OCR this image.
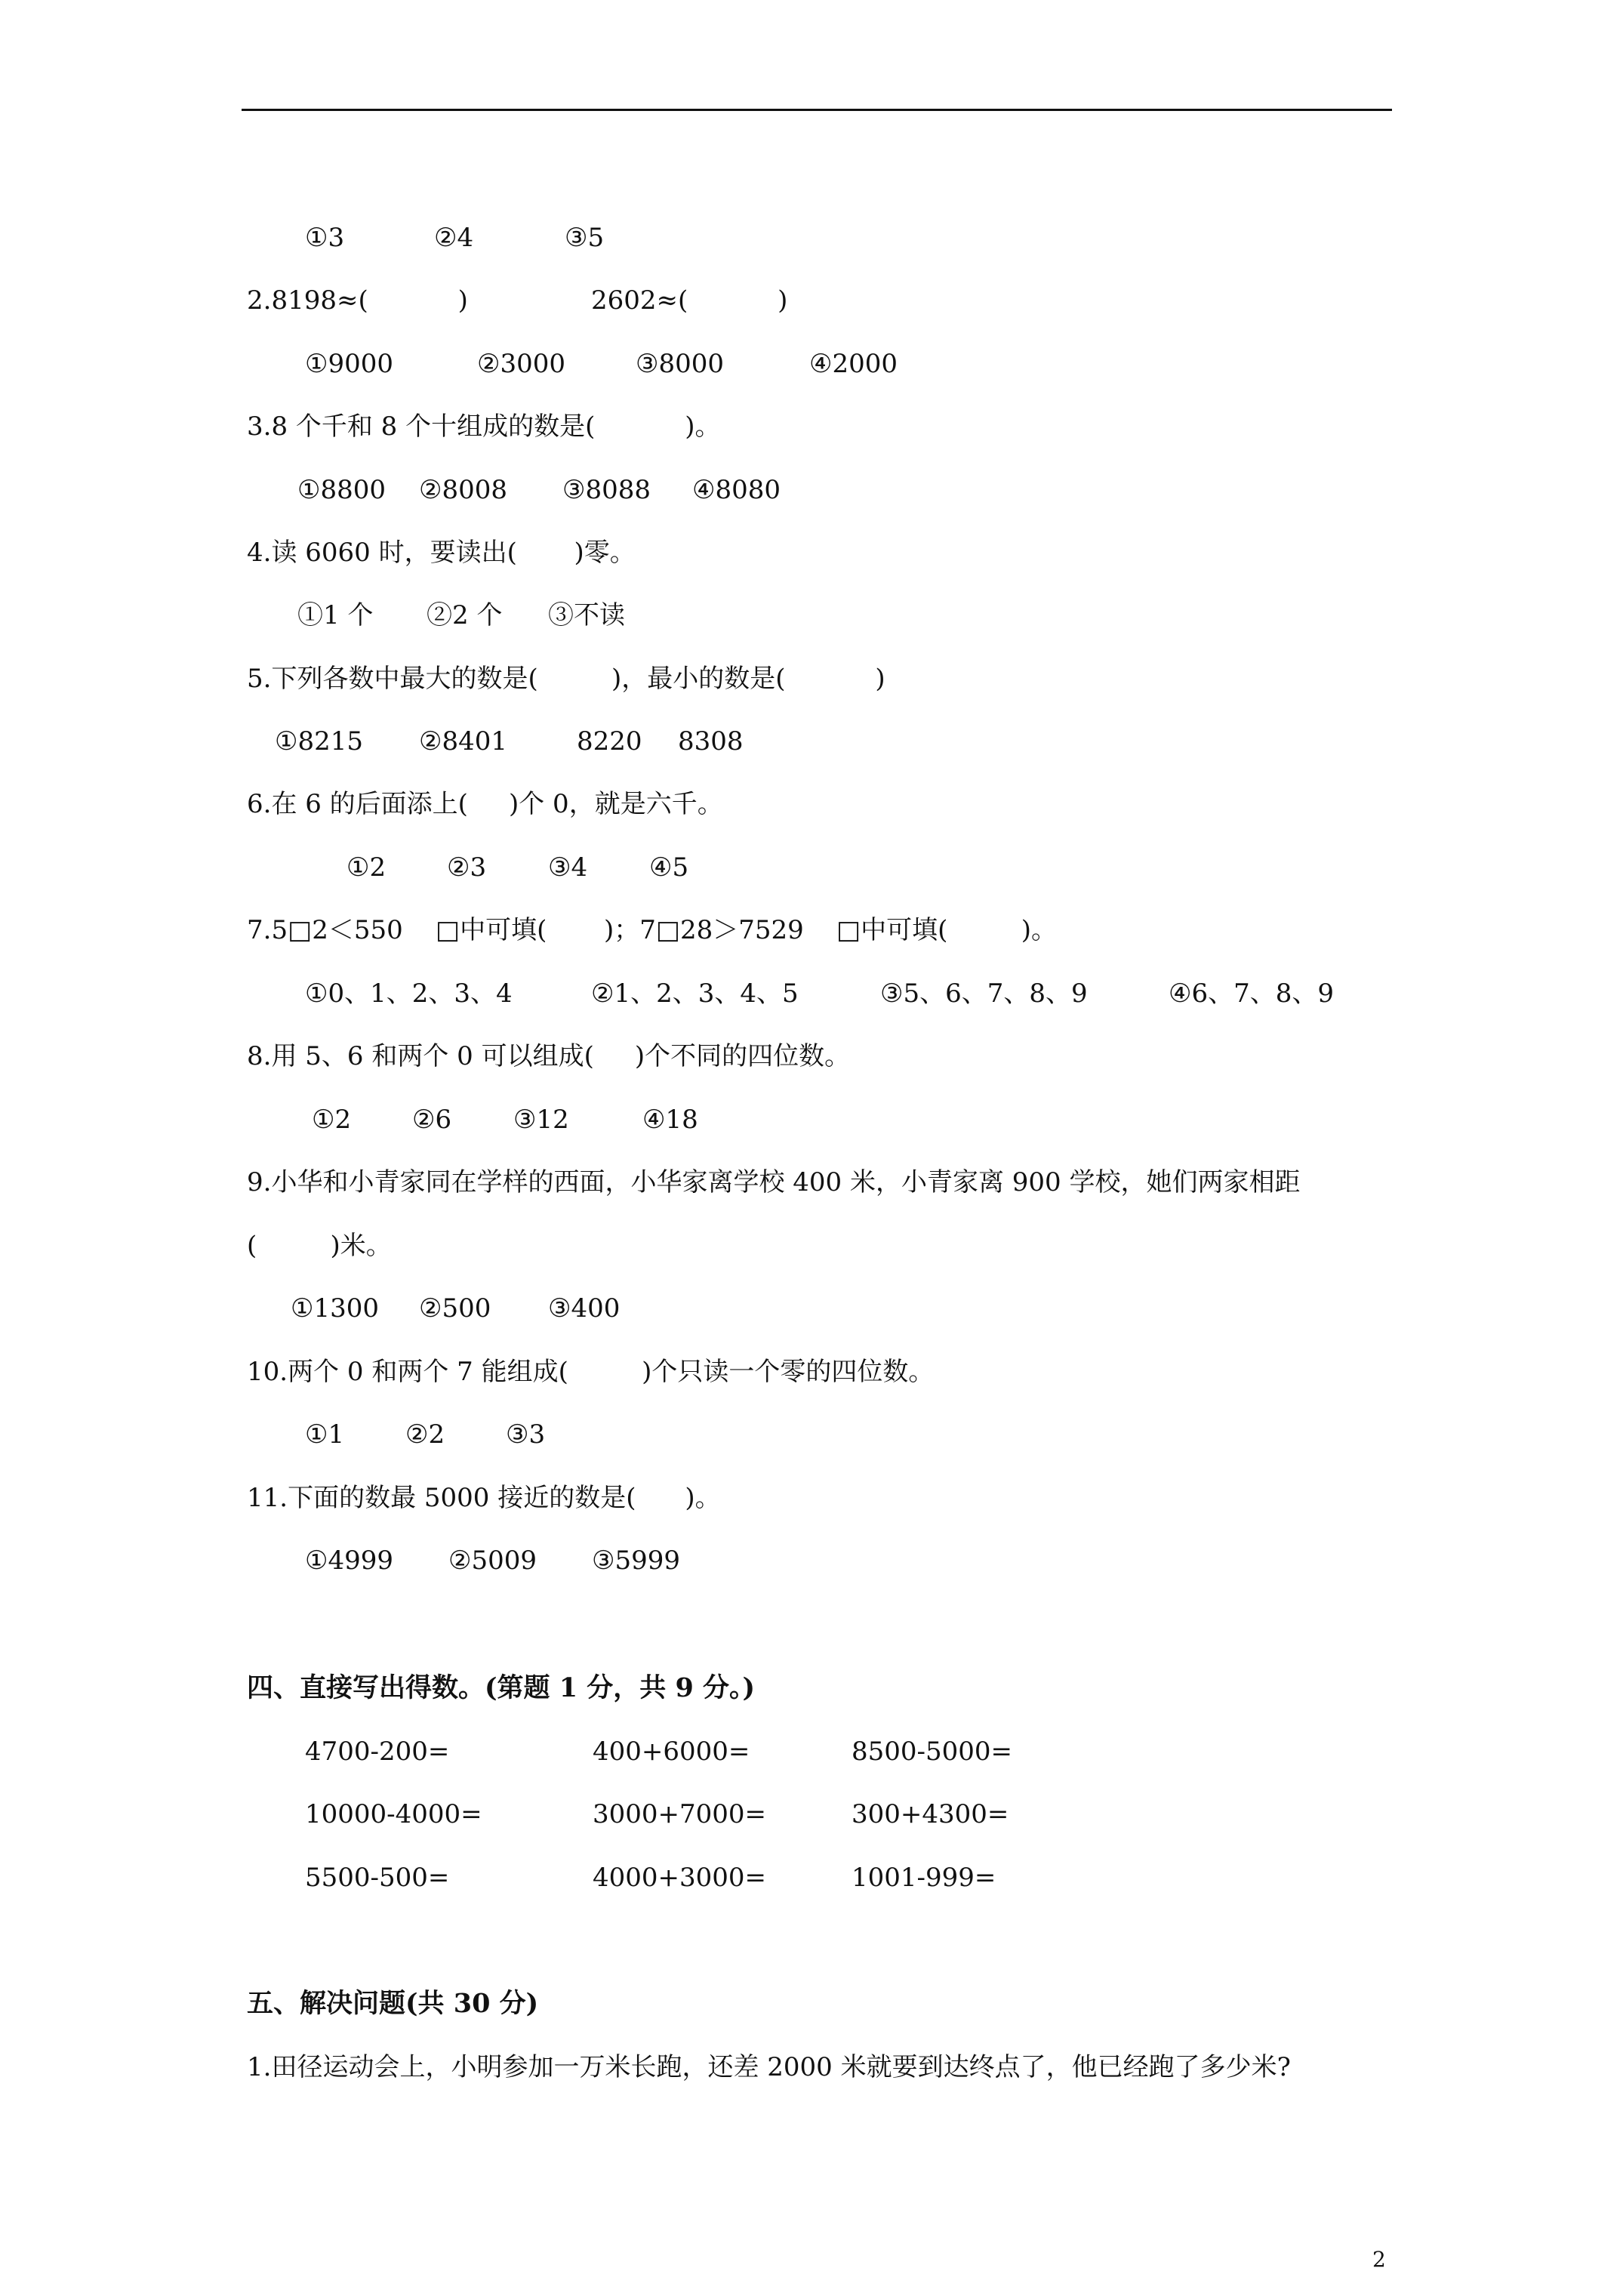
①3	②4	③5
2.8198≈(           )	2602≈(           )
①9000	②3000	③8000	④2000
3.8 个千和 8 个十组成的数是(           )。
①8800 ②8008 ③8088 ④8080
4.读 6060 时，要读出(       )零。
①1 个 ②2 个 ③不读
5.下列各数中最大的数是(         )，最小的数是(           )
①8215 ②8401	8220 8308
6.在 6 的后面添上(     )个 0，就是六千。
①2 ②3 ③4 ④5
7.5□2＜550    □中可填(       )；7□28＞7529    □中可填(         )。
①0、1、2、3、4	②1、2、3、4、5	③5、6、7、8、9	④6、7、8、9
8.用 5、6 和两个 0 可以组成(     )个不同的四位数。
①2 ②6 ③12	④18
9.小华和小青家同在学样的西面，小华家离学校 400 米，小青家离 900 学校，她们两家相距
(         )米。
①1300 ②500 ③400
10.两个 0 和两个 7 能组成(         )个只读一个零的四位数。
①1 ②2 ③3
11.下面的数最 5000 接近的数是(      )。
①4999 ②5009 ③5999
四、直接写出得数。(第题 1 分，共 9 分。)
4700-200=	400+6000=	8500-5000=
10000-4000=	3000+7000=	300+4300=
5500-500=	4000+3000=	1001-999=
五、解决问题(共 30 分)
1.田径运动会上，小明参加一万米长跑，还差 2000 米就要到达终点了，他已经跑了多少米?
2
